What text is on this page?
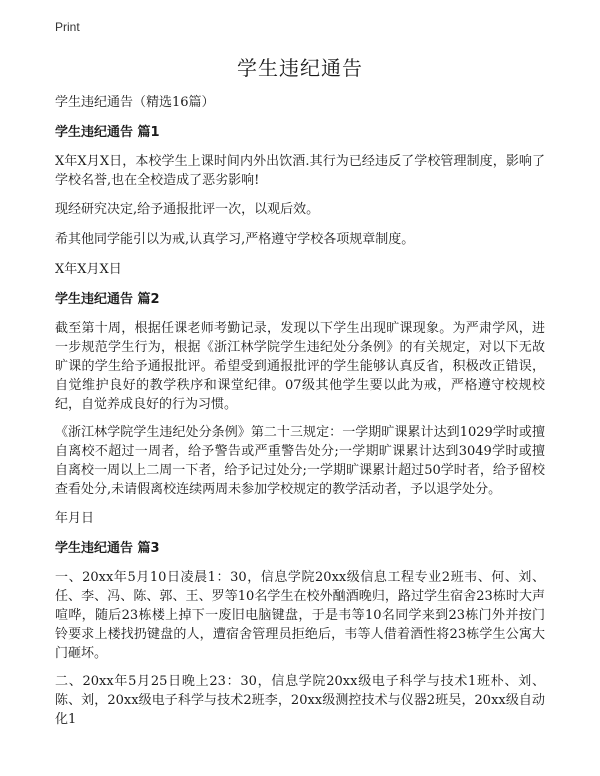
Print
学生违纪通告

学生违纪通告（精选16篇）

学生违纪通告 篇1

X年X月X日，本校学生上课时间内外出饮酒.其行为已经违反了学校管理制度，影响了学校名誉,也在全校造成了恶劣影响!

现经研究决定,给予通报批评一次，以观后效。

希其他同学能引以为戒,认真学习,严格遵守学校各项规章制度。

X年X月X日

学生违纪通告 篇2

截至第十周，根据任课老师考勤记录，发现以下学生出现旷课现象。为严肃学风，进一步规范学生行为，根据《浙江林学院学生违纪处分条例》的有关规定，对以下无故旷课的学生给予通报批评。希望受到通报批评的学生能够认真反省，积极改正错误，自觉维护良好的教学秩序和课堂纪律。07级其他学生要以此为戒，严格遵守校规校纪，自觉养成良好的行为习惯。

《浙江林学院学生违纪处分条例》第二十三规定：一学期旷课累计达到1029学时或擅自离校不超过一周者，给予警告或严重警告处分;一学期旷课累计达到3049学时或擅自离校一周以上二周一下者，给予记过处分;一学期旷课累计超过50学时者，给予留校查看处分,未请假离校连续两周未参加学校规定的教学活动者，予以退学处分。

年月日

学生违纪通告 篇3

一、20xx年5月10日凌晨1：30，信息学院20xx级信息工程专业2班韦、何、刘、任、李、冯、陈、郭、王、罗等10名学生在校外酗酒晚归，路过学生宿舍23栋时大声喧哗，随后23栋楼上掉下一废旧电脑键盘，于是韦等10名同学来到23栋门外并按门铃要求上楼找扔键盘的人，遭宿舍管理员拒绝后，韦等人借着酒性将23栋学生公寓大门砸坏。

二、20xx年5月25日晚上23：30，信息学院20xx级电子科学与技术1班朴、刘、陈、刘，20xx级电子科学与技术2班李，20xx级测控技术与仪器2班吴，20xx级自动化1
